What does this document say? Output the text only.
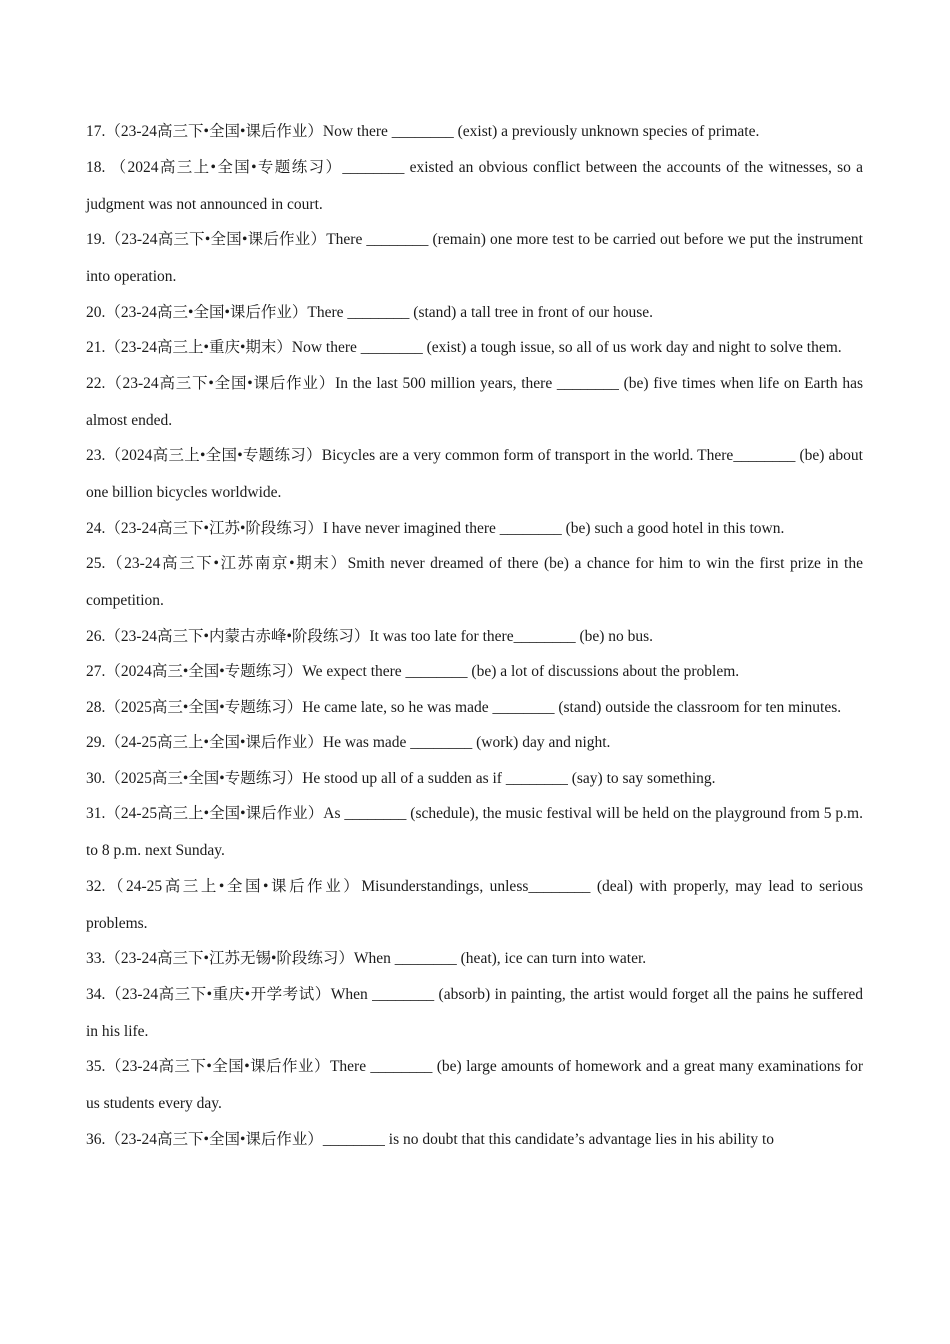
17.（23-24高三下•全国•课后作业）Now there ________ (exist) a previously unknown species of primate.

18. （2024高三上•全国•专题练习）________ existed an obvious conflict between the accounts of the witnesses, so a judgment was not announced in court.

19.（23-24高三下•全国•课后作业）There ________ (remain) one more test to be carried out before we put the instrument into operation.

20.（23-24高三•全国•课后作业）There ________ (stand) a tall tree in front of our house.

21.（23-24高三上•重庆•期末）Now there ________ (exist) a tough issue, so all of us work day and night to solve them.

22.（23-24高三下•全国•课后作业）In the last 500 million years, there ________ (be) five times when life on Earth has almost ended.

23.（2024高三上•全国•专题练习）Bicycles are a very common form of transport in the world. There________ (be) about one billion bicycles worldwide.

24.（23-24高三下•江苏•阶段练习）I have never imagined there ________ (be) such a good hotel in this town.

25.（23-24高三下•江苏南京•期末）Smith never dreamed of there (be) a chance for him to win the first prize in the competition.

26.（23-24高三下•内蒙古赤峰•阶段练习）It was too late for there________ (be) no bus.

27.（2024高三•全国•专题练习）We expect there ________ (be) a lot of discussions about the problem.

28.（2025高三•全国•专题练习）He came late, so he was made ________ (stand) outside the classroom for ten minutes.

29.（24-25高三上•全国•课后作业）He was made ________ (work) day and night.

30.（2025高三•全国•专题练习）He stood up all of a sudden as if ________ (say) to say something.

31.（24-25高三上•全国•课后作业）As ________ (schedule), the music festival will be held on the playground from 5 p.m. to 8 p.m. next Sunday.

32.（24-25高三上•全国•课后作业）Misunderstandings, unless________ (deal) with properly, may lead to serious problems.

33.（23-24高三下•江苏无锡•阶段练习）When ________ (heat), ice can turn into water.

34.（23-24高三下•重庆•开学考试）When ________ (absorb) in painting, the artist would forget all the pains he suffered in his life.

35.（23-24高三下•全国•课后作业）There ________ (be) large amounts of homework and a great many examinations for us students every day.

36.（23-24高三下•全国•课后作业）________ is no doubt that this candidate’s advantage lies in his ability to
